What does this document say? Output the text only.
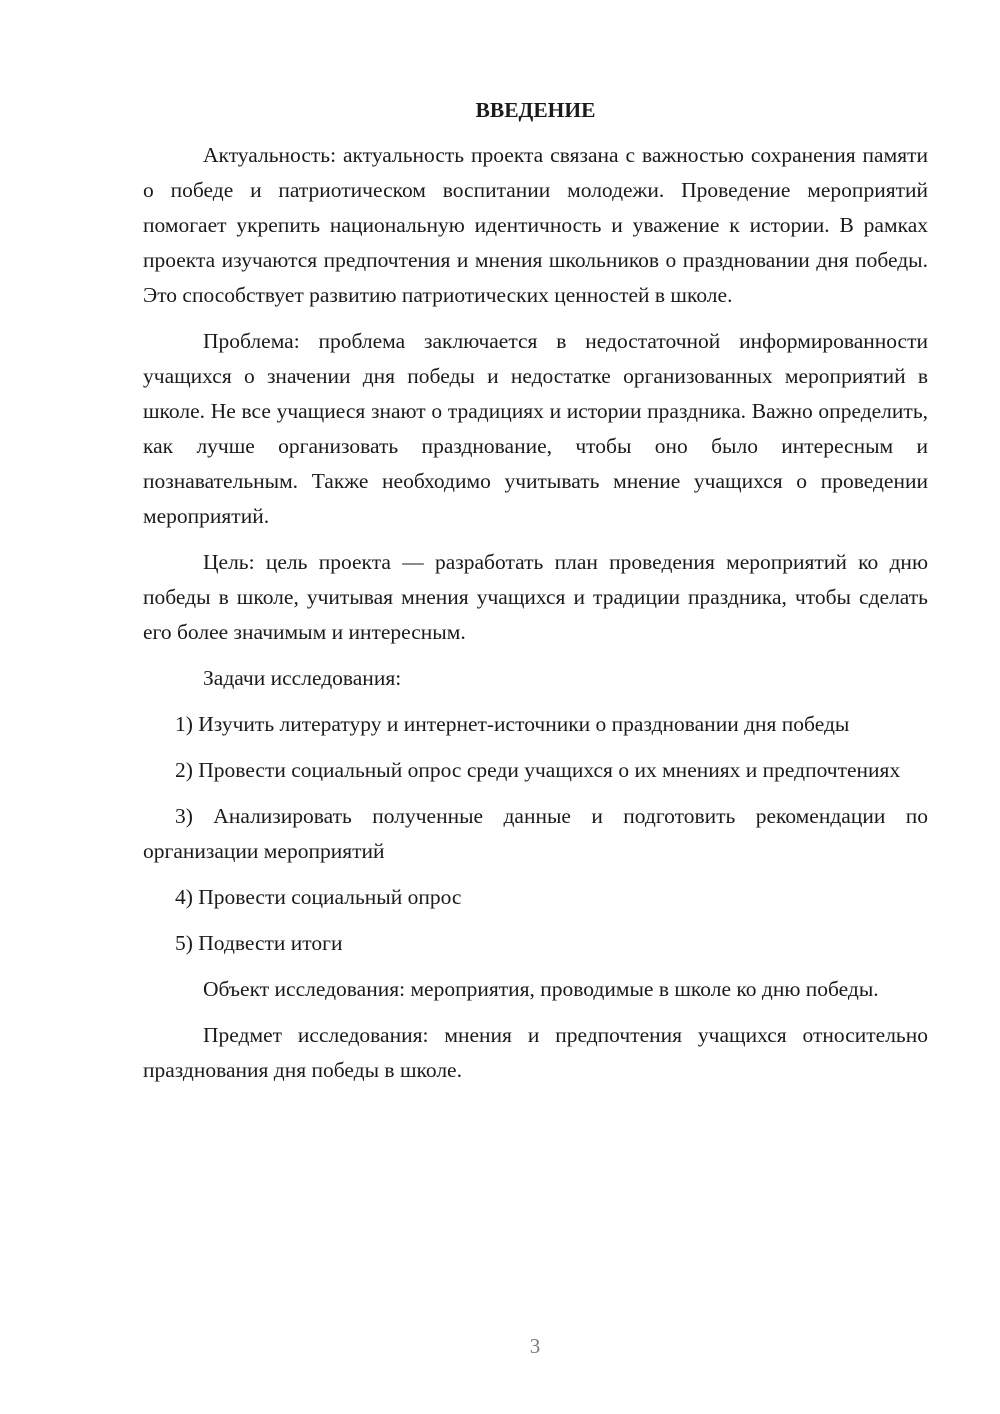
ВВЕДЕНИЕ

Актуальность: актуальность проекта связана с важностью сохранения памяти о победе и патриотическом воспитании молодежи. Проведение мероприятий помогает укрепить национальную идентичность и уважение к истории. В рамках проекта изучаются предпочтения и мнения школьников о праздновании дня победы. Это способствует развитию патриотических ценностей в школе.

Проблема: проблема заключается в недостаточной информированности учащихся о значении дня победы и недостатке организованных мероприятий в школе. Не все учащиеся знают о традициях и истории праздника. Важно определить, как лучше организовать празднование, чтобы оно было интересным и познавательным. Также необходимо учитывать мнение учащихся о проведении мероприятий.

Цель: цель проекта — разработать план проведения мероприятий ко дню победы в школе, учитывая мнения учащихся и традиции праздника, чтобы сделать его более значимым и интересным.

Задачи исследования:

1) Изучить литературу и интернет-источники о праздновании дня победы

2) Провести социальный опрос среди учащихся о их мнениях и предпочтениях

3) Анализировать полученные данные и подготовить рекомендации по организации мероприятий

4) Провести социальный опрос

5) Подвести итоги

Объект исследования: мероприятия, проводимые в школе ко дню победы.

Предмет исследования: мнения и предпочтения учащихся относительно празднования дня победы в школе.

3
